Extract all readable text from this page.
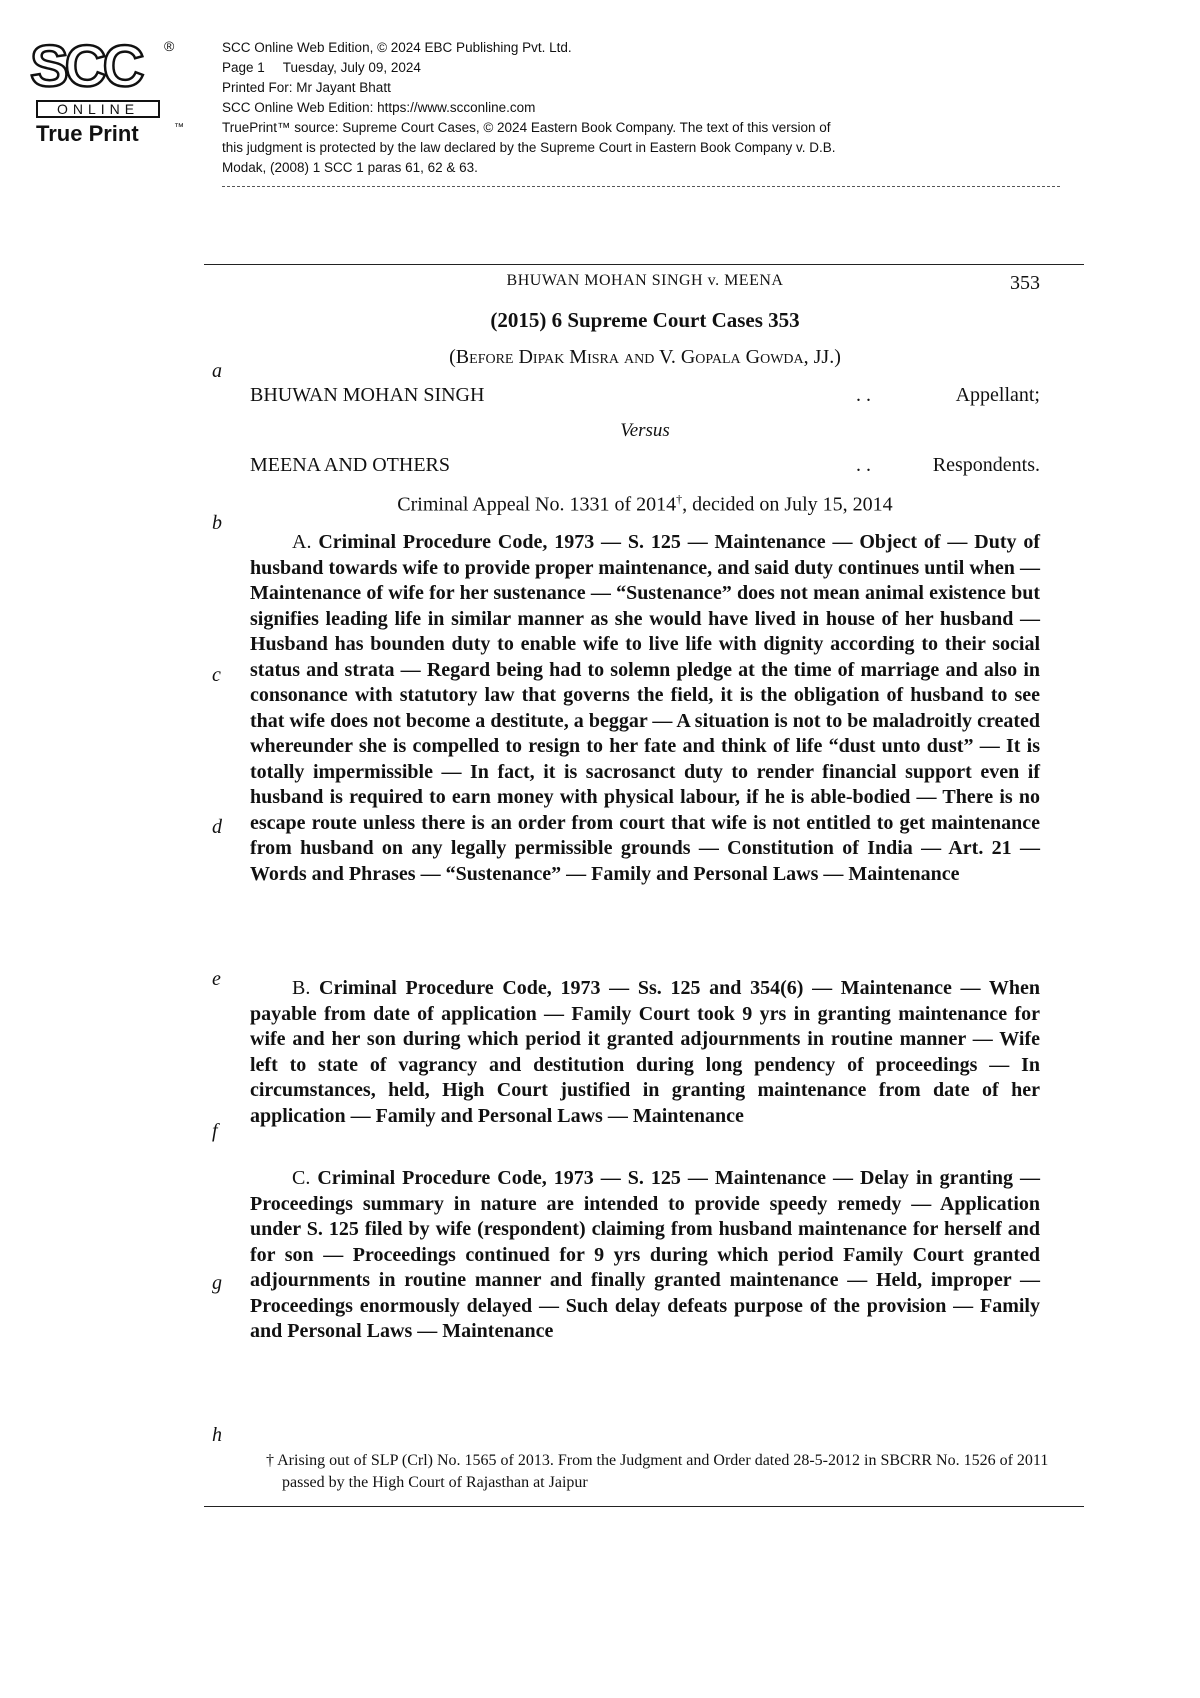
SCC ®
ONLINE
True Print	™
SCC Online Web Edition, © 2024 EBC Publishing Pvt. Ltd.
Page 1 Tuesday, July 09, 2024
Printed For: Mr Jayant Bhatt
SCC Online Web Edition: https://www.scconline.com
TruePrint™ source: Supreme Court Cases, © 2024 Eastern Book Company. The text of this version of
this judgment is protected by the law declared by the Supreme Court in Eastern Book Company v. D.B.
Modak, (2008) 1 SCC 1 paras 61, 62 & 63.
BHUWAN MOHAN SINGH v. MEENA	353
(2015) 6 Supreme Court Cases 353
(Before Dipak Misra and V. Gopala Gowda, JJ.)
a
b
c
d
e
f
g
h
BHUWAN MOHAN SINGH	. .	Appellant;
Versus
MEENA AND OTHERS	. .	Respondents.
Criminal Appeal No. 1331 of 2014†, decided on July 15, 2014

A. Criminal Procedure Code, 1973 — S. 125 — Maintenance — Object of — Duty of husband towards wife to provide proper maintenance, and said duty continues until when — Maintenance of wife for her sustenance — “Sustenance” does not mean animal existence but signifies leading life in similar manner as she would have lived in house of her husband — Husband has bounden duty to enable wife to live life with dignity according to their social status and strata — Regard being had to solemn pledge at the time of marriage and also in consonance with statutory law that governs the field, it is the obligation of husband to see that wife does not become a destitute, a beggar — A situation is not to be maladroitly created whereunder she is compelled to resign to her fate and think of life “dust unto dust” — It is totally impermissible — In fact, it is sacrosanct duty to render financial support even if husband is required to earn money with physical labour, if he is able-bodied — There is no escape route unless there is an order from court that wife is not entitled to get maintenance from husband on any legally permissible grounds — Constitution of India — Art. 21 — Words and Phrases — “Sustenance” — Family and Personal Laws — Maintenance

B. Criminal Procedure Code, 1973 — Ss. 125 and 354(6) — Maintenance — When payable from date of application — Family Court took 9 yrs in granting maintenance for wife and her son during which period it granted adjournments in routine manner — Wife left to state of vagrancy and destitution during long pendency of proceedings — In circumstances, held, High Court justified in granting maintenance from date of her application — Family and Personal Laws — Maintenance

C. Criminal Procedure Code, 1973 — S. 125 — Maintenance — Delay in granting — Proceedings summary in nature are intended to provide speedy remedy — Application under S. 125 filed by wife (respondent) claiming from husband maintenance for herself and for son — Proceedings continued for 9 yrs during which period Family Court granted adjournments in routine manner and finally granted maintenance — Held, improper — Proceedings enormously delayed — Such delay defeats purpose of the provision — Family and Personal Laws — Maintenance

† Arising out of SLP (Crl) No. 1565 of 2013. From the Judgment and Order dated 28-5-2012 in SBCRR No. 1526 of 2011 passed by the High Court of Rajasthan at Jaipur
